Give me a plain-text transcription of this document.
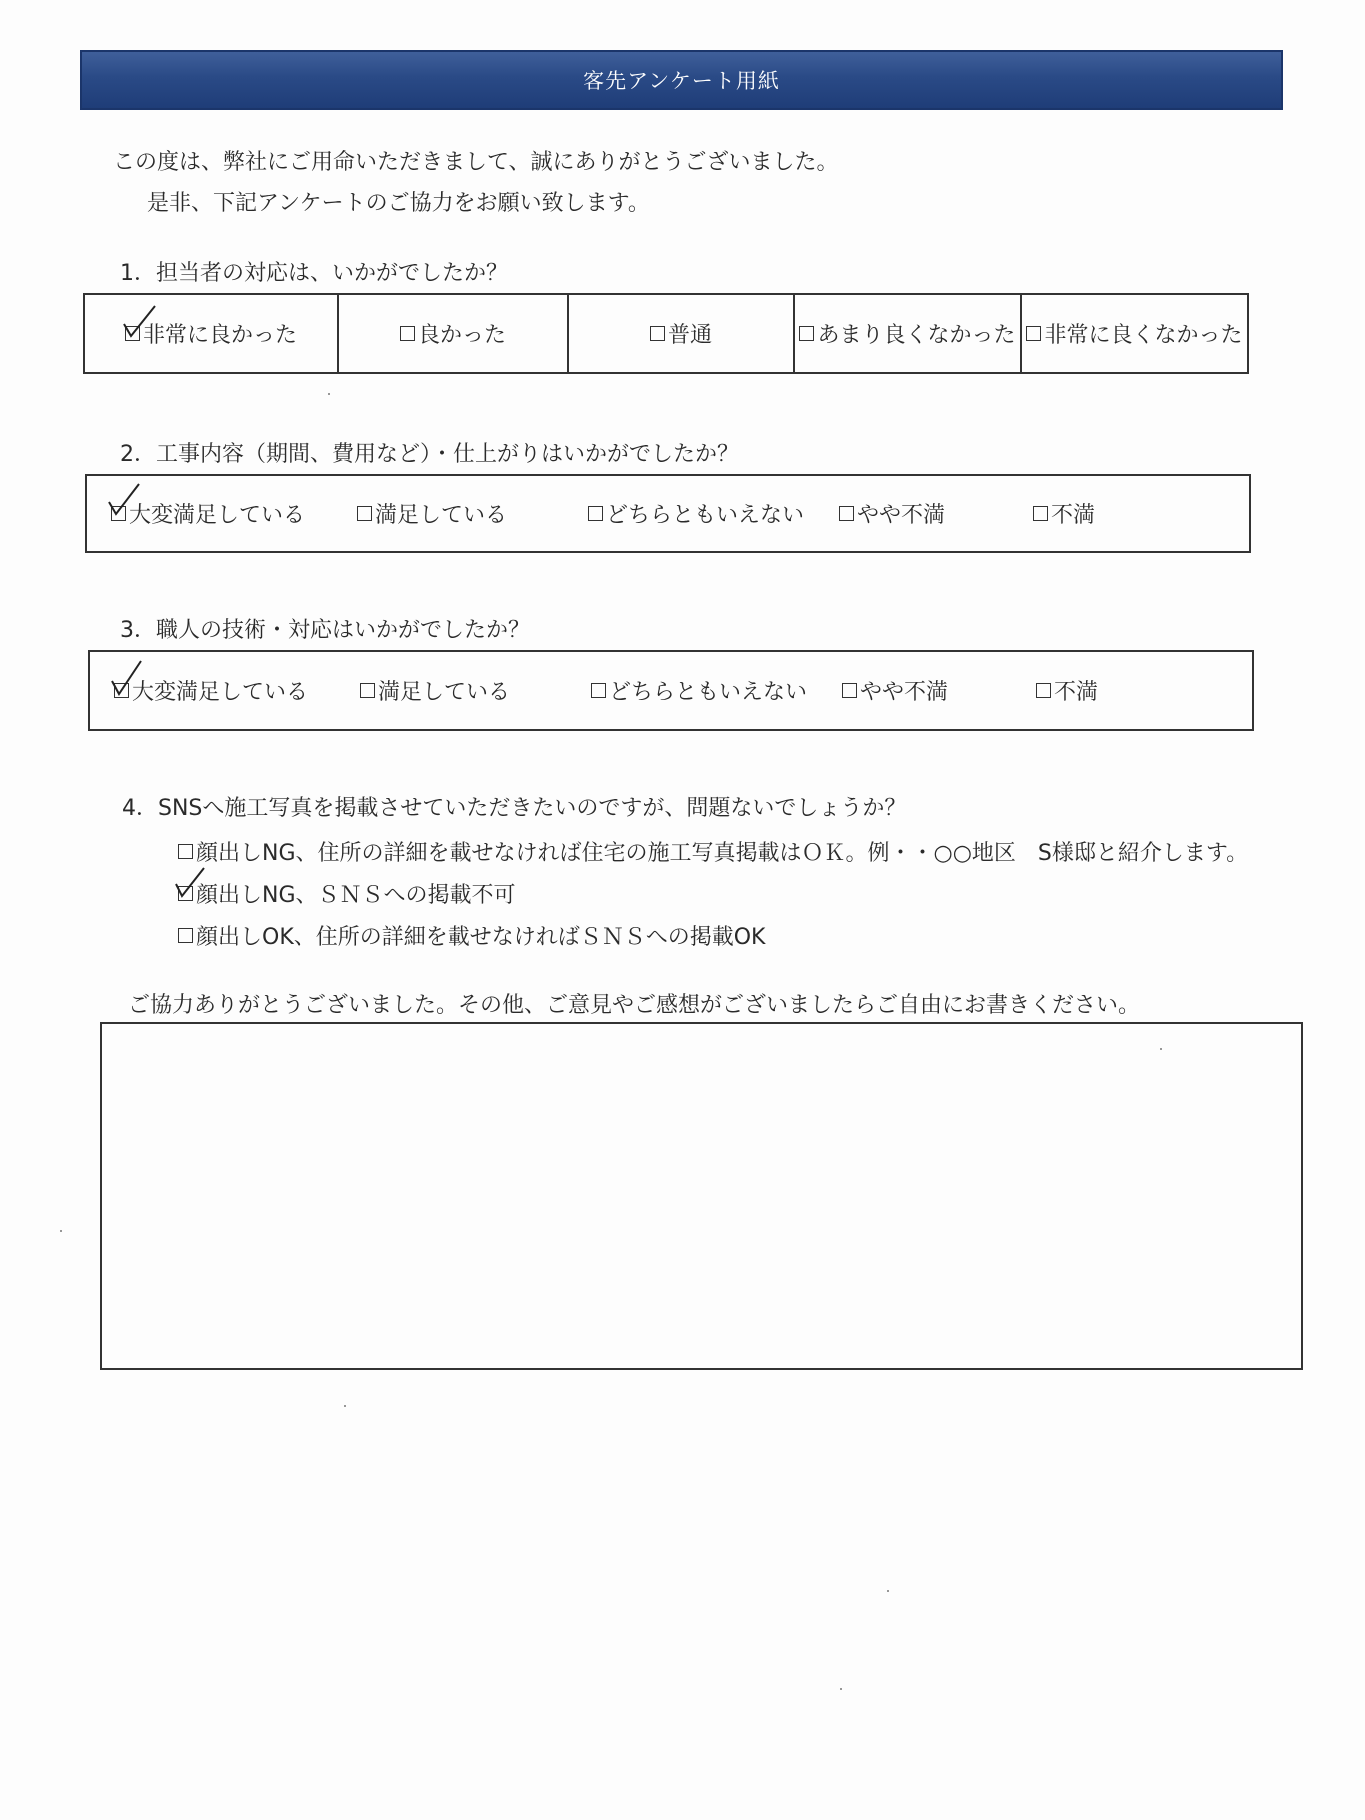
客先アンケート用紙
この度は、弊社にご用命いただきまして、誠にありがとうございました。
是非、下記アンケートのご協力をお願い致します。
1．担当者の対応は、いかがでしたか？
非常に良かった	良かった	普通	あまり良くなかった 非常に良くなかった
2．工事内容（期間、費用など）・仕上がりはいかがでしたか？
大変満足している	満足している	どちらともいえない やや不満	不満
3．職人の技術・対応はいかがでしたか？
大変満足している	満足している	どちらともいえない やや不満	不満
4．SNSへ施工写真を掲載させていただきたいのですが、問題ないでしょうか？
顔出しNG、住所の詳細を載せなければ住宅の施工写真掲載はＯＫ。例・・○○地区　S様邸と紹介します。
顔出しNG、ＳＮＳへの掲載不可
顔出しOK、住所の詳細を載せなければＳＮＳへの掲載OK
ご協力ありがとうございました。その他、ご意見やご感想がございましたらご自由にお書きください。
